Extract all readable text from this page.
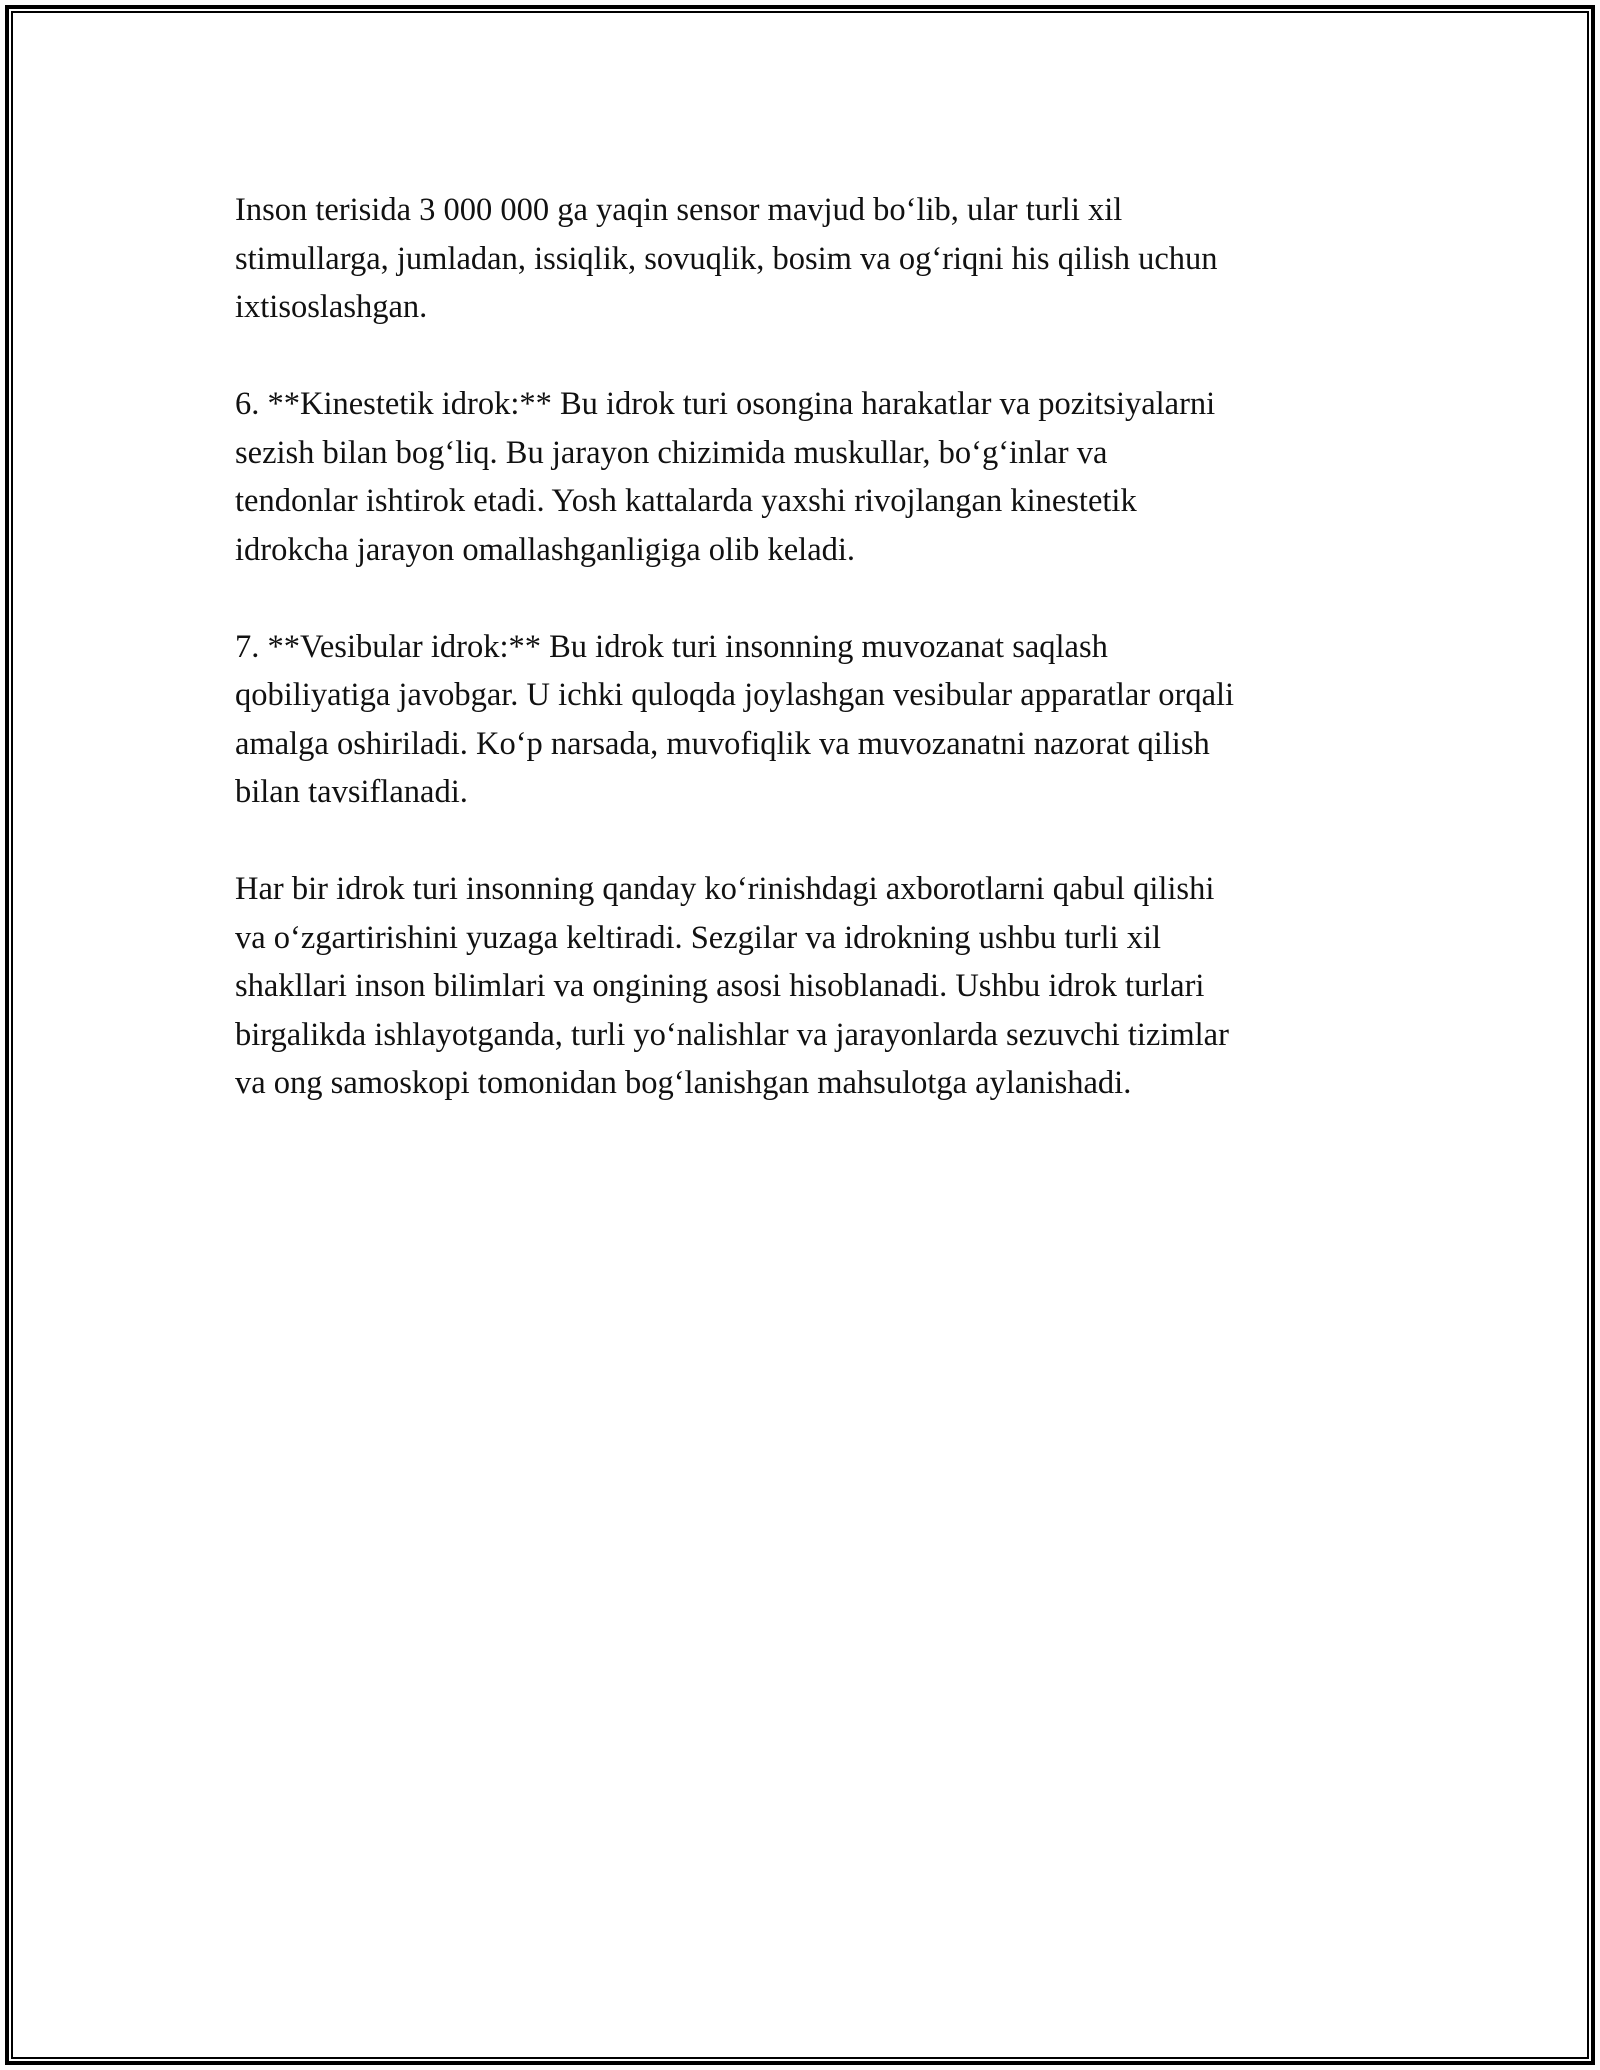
Inson terisida 3 000 000 ga yaqin sensor mavjud bo‘lib, ular turli xil
stimullarga, jumladan, issiqlik, sovuqlik, bosim va og‘riqni his qilish uchun
ixtisoslashgan.

6. **Kinestetik idrok:** Bu idrok turi osongina harakatlar va pozitsiyalarni
sezish bilan bog‘liq. Bu jarayon chizimida muskullar, bo‘g‘inlar va
tendonlar ishtirok etadi. Yosh kattalarda yaxshi rivojlangan kinestetik
idrokcha jarayon omallashganligiga olib keladi.

7. **Vesibular idrok:** Bu idrok turi insonning muvozanat saqlash
qobiliyatiga javobgar. U ichki quloqda joylashgan vesibular apparatlar orqali
amalga oshiriladi. Ko‘p narsada, muvofiqlik va muvozanatni nazorat qilish
bilan tavsiflanadi.

Har bir idrok turi insonning qanday ko‘rinishdagi axborotlarni qabul qilishi
va o‘zgartirishini yuzaga keltiradi. Sezgilar va idrokning ushbu turli xil
shakllari inson bilimlari va ongining asosi hisoblanadi. Ushbu idrok turlari
birgalikda ishlayotganda, turli yo‘nalishlar va jarayonlarda sezuvchi tizimlar
va ong samoskopi tomonidan bog‘lanishgan mahsulotga aylanishadi.
